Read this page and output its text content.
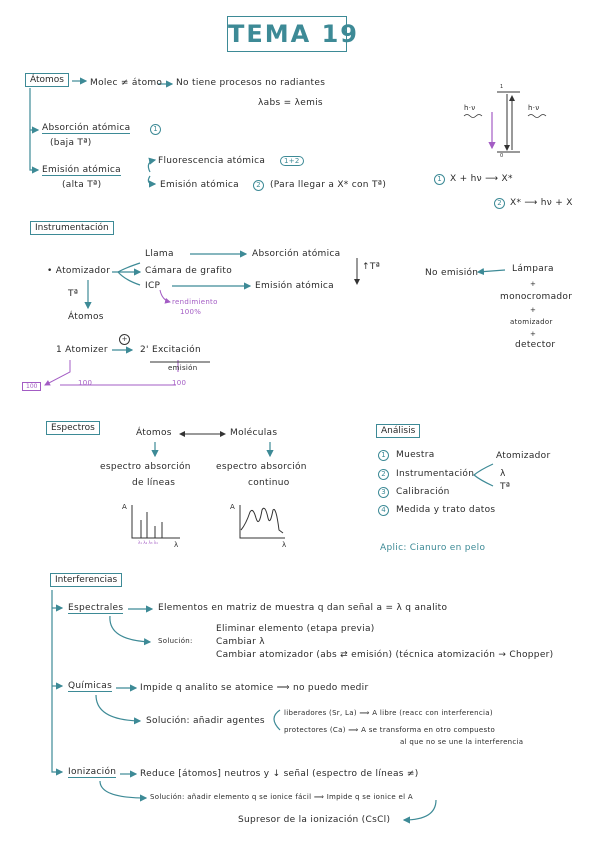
TEMA 19
Átomos	Molec ≠ átomo No tiene procesos no radiantes
λabs = λemis
Absorción atómica	1
(baja Tª)
Emisión atómica
(alta Tª)
Fluorescencia atómica	1+2
Emisión atómica	2	(Para llegar a X* con Tª)
h·ν	h·ν
1
0
1 X + hν ⟶ X*
2 X* ⟶ hν + X
Instrumentación
• Atomizador
Llama
Cámara de grafito
ICP
Absorción atómica
Emisión atómica
↑Tª
rendimiento
100%
Tª
Átomos
No emisión	Lámpara
+
monocromador
+
atomizador
+
detector
1 Atomizer
+
2' Excitación
emisión
100	100	100
Espectros	Átomos	Moléculas
espectro absorción
de líneas
espectro absorción
continuo
A
λ
A
λ
λ₁ λ₂ λ₃ λ₄
Análisis
1	Muestra
2	Instrumentación
3	Calibración
4	Medida y trato datos
Atomizador
λ
Tª
Aplic: Cianuro en pelo
Interferencias
Espectrales	Elementos en matriz de muestra q dan señal a = λ q analito
Solución:
Eliminar elemento (etapa previa)
Cambiar λ
Cambiar atomizador (abs ⇄ emisión) (técnica atomización → Chopper)
Químicas	Impide q analito se atomice ⟹ no puedo medir
Solución: añadir agentes
liberadores (Sr, La) ⟹ A libre (reacc con interferencia)
protectores (Ca) ⟹ A se transforma en otro compuesto
al que no se une la interferencia
Ionización	Reduce [átomos] neutros y ↓ señal (espectro de líneas ≠)
Solución: añadir elemento q se ionice fácil ⟹ Impide q se ionice el A
Supresor de la ionización (CsCl)
